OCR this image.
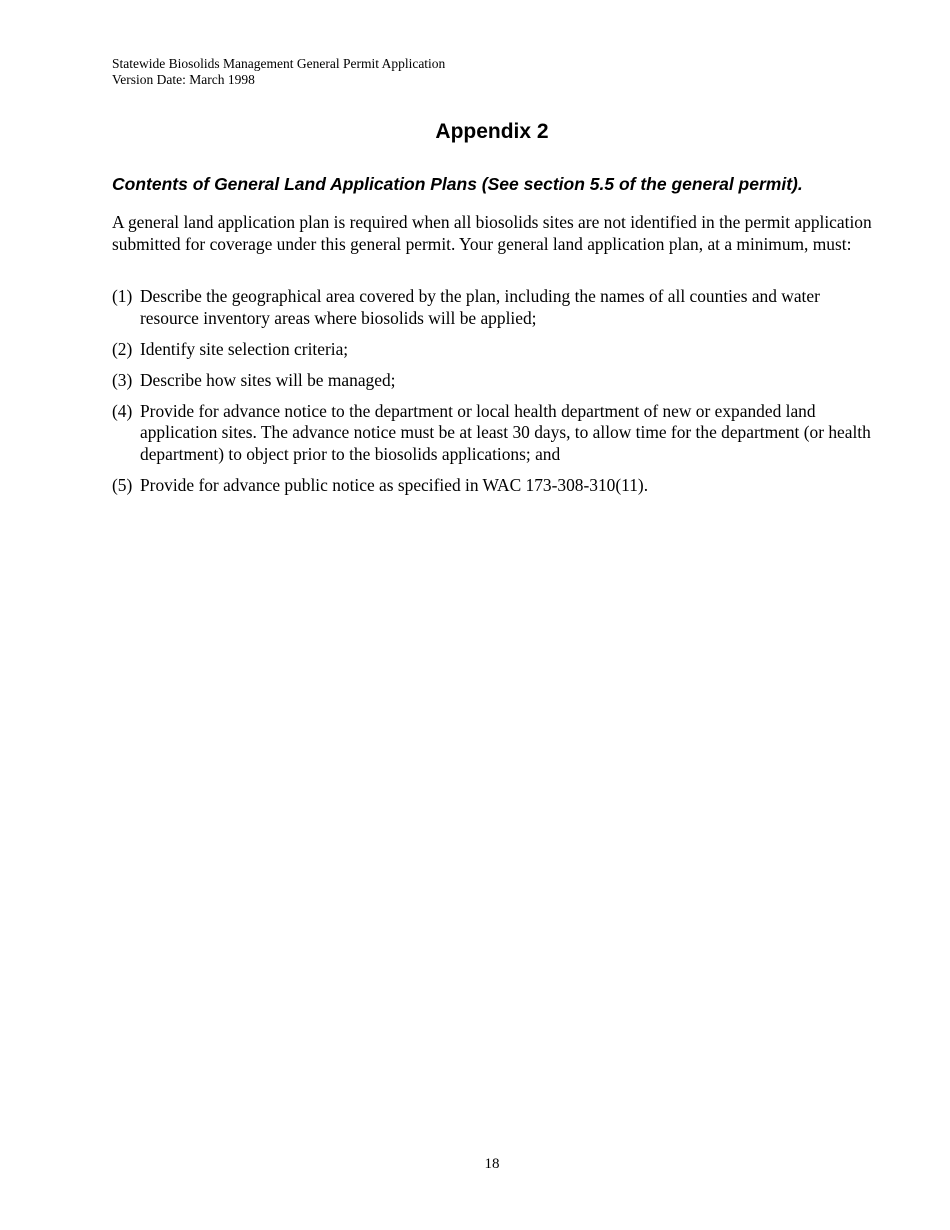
Statewide Biosolids Management General Permit Application
Version Date: March 1998
Appendix 2
Contents of General Land Application Plans (See section 5.5 of the general permit).

A general land application plan is required when all biosolids sites are not identified in the permit application submitted for coverage under this general permit. Your general land application plan, at a minimum, must:

(1) Describe the geographical area covered by the plan, including the names of all counties and water resource inventory areas where biosolids will be applied;
(2) Identify site selection criteria;
(3) Describe how sites will be managed;
(4) Provide for advance notice to the department or local health department of new or expanded land application sites. The advance notice must be at least 30 days, to allow time for the department (or health department) to object prior to the biosolids applications; and
(5) Provide for advance public notice as specified in WAC 173-308-310(11).
18
